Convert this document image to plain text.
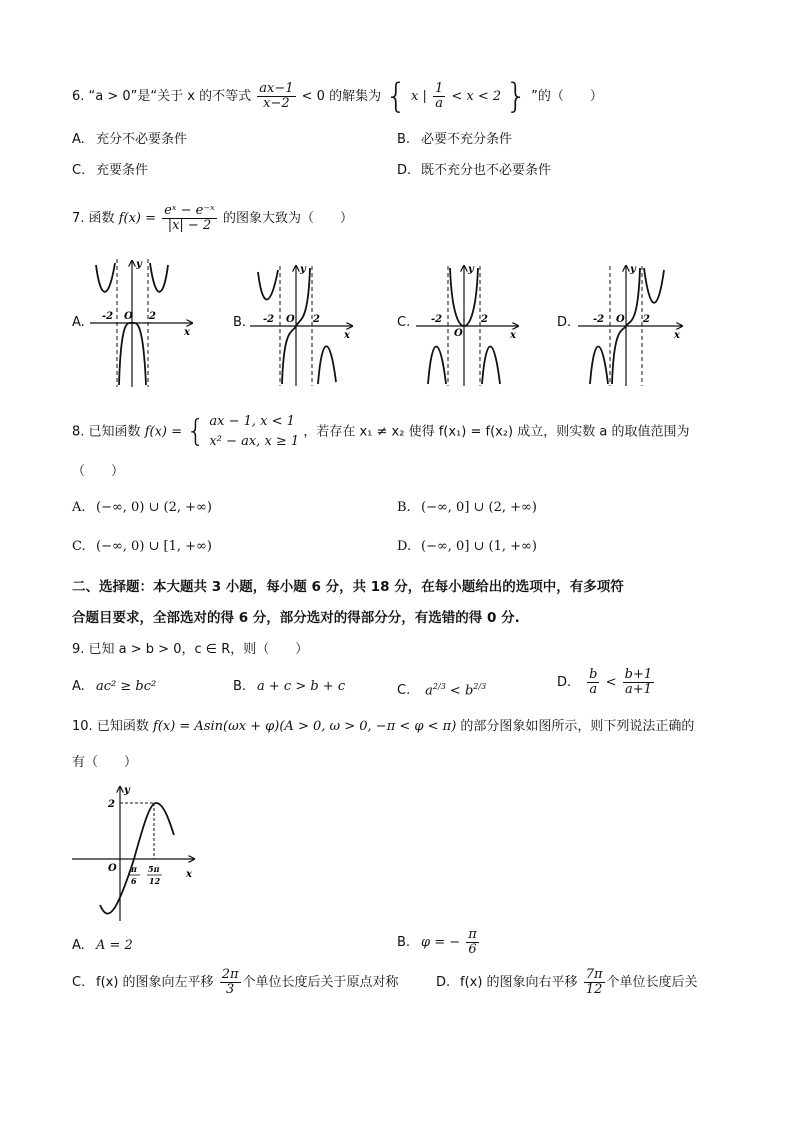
6. “a > 0”是“关于 x 的不等式 $\frac{ax-1}{x-2} < 0$ 的解集为 { x | $\frac{1}{a} < x < 2$ } ”的（　　）
A. 充分不必要条件	B. 必要不充分条件
C. 充要条件	D. 既不充分也不必要条件
7. 函数 $f(x) = \frac{\text{eˣ − e⁻ˣ}}{|x| - 2}$ 的图象大致为（　　）
A. -2	2
O
y
x
B. -2	2
O
y
x
C. -2	2
O
y
x
D. -2	2
O
y
x
8. 已知函数 f(x) = { ax − 1, x < 1
x² − ax, x ≥ 1
，若存在 x₁ ≠ x₂ 使得 f(x₁) = f(x₂) 成立，则实数 a 的取值范围为
（　　）
A. (−∞, 0) ∪ (2, +∞)	B. (−∞, 0] ∪ (2, +∞)
C. (−∞, 0) ∪ [1, +∞)	D. (−∞, 0] ∪ (1, +∞)
二、选择题：本大题共 3 小题，每小题 6 分，共 18 分，在每小题给出的选项中，有多项符
合题目要求，全部选对的得 6 分，部分选对的得部分分，有选错的得 0 分.
9. 已知 a > b > 0，c ∈ R，则（　　）
A. ac² ≥ bc²	B. a + c > b + c	C. $a^{2/3} < b^{2/3}$	D. $\frac{b}{a} < \frac{b+1}{a+1}$
10. 已知函数 f(x) = Asin(ωx + φ)(A > 0, ω > 0, −π < φ < π) 的部分图象如图所示，则下列说法正确的
有（　　）
2
O
y
x
π
6
5π
12
A. A = 2	B. φ = − $\frac{\pi}{6}$
C. f(x) 的图象向左平移 $\frac{2\pi}{3}$ 个单位长度后关于原点对称	D. f(x) 的图象向右平移 $\frac{7\pi}{12}$ 个单位长度后关
